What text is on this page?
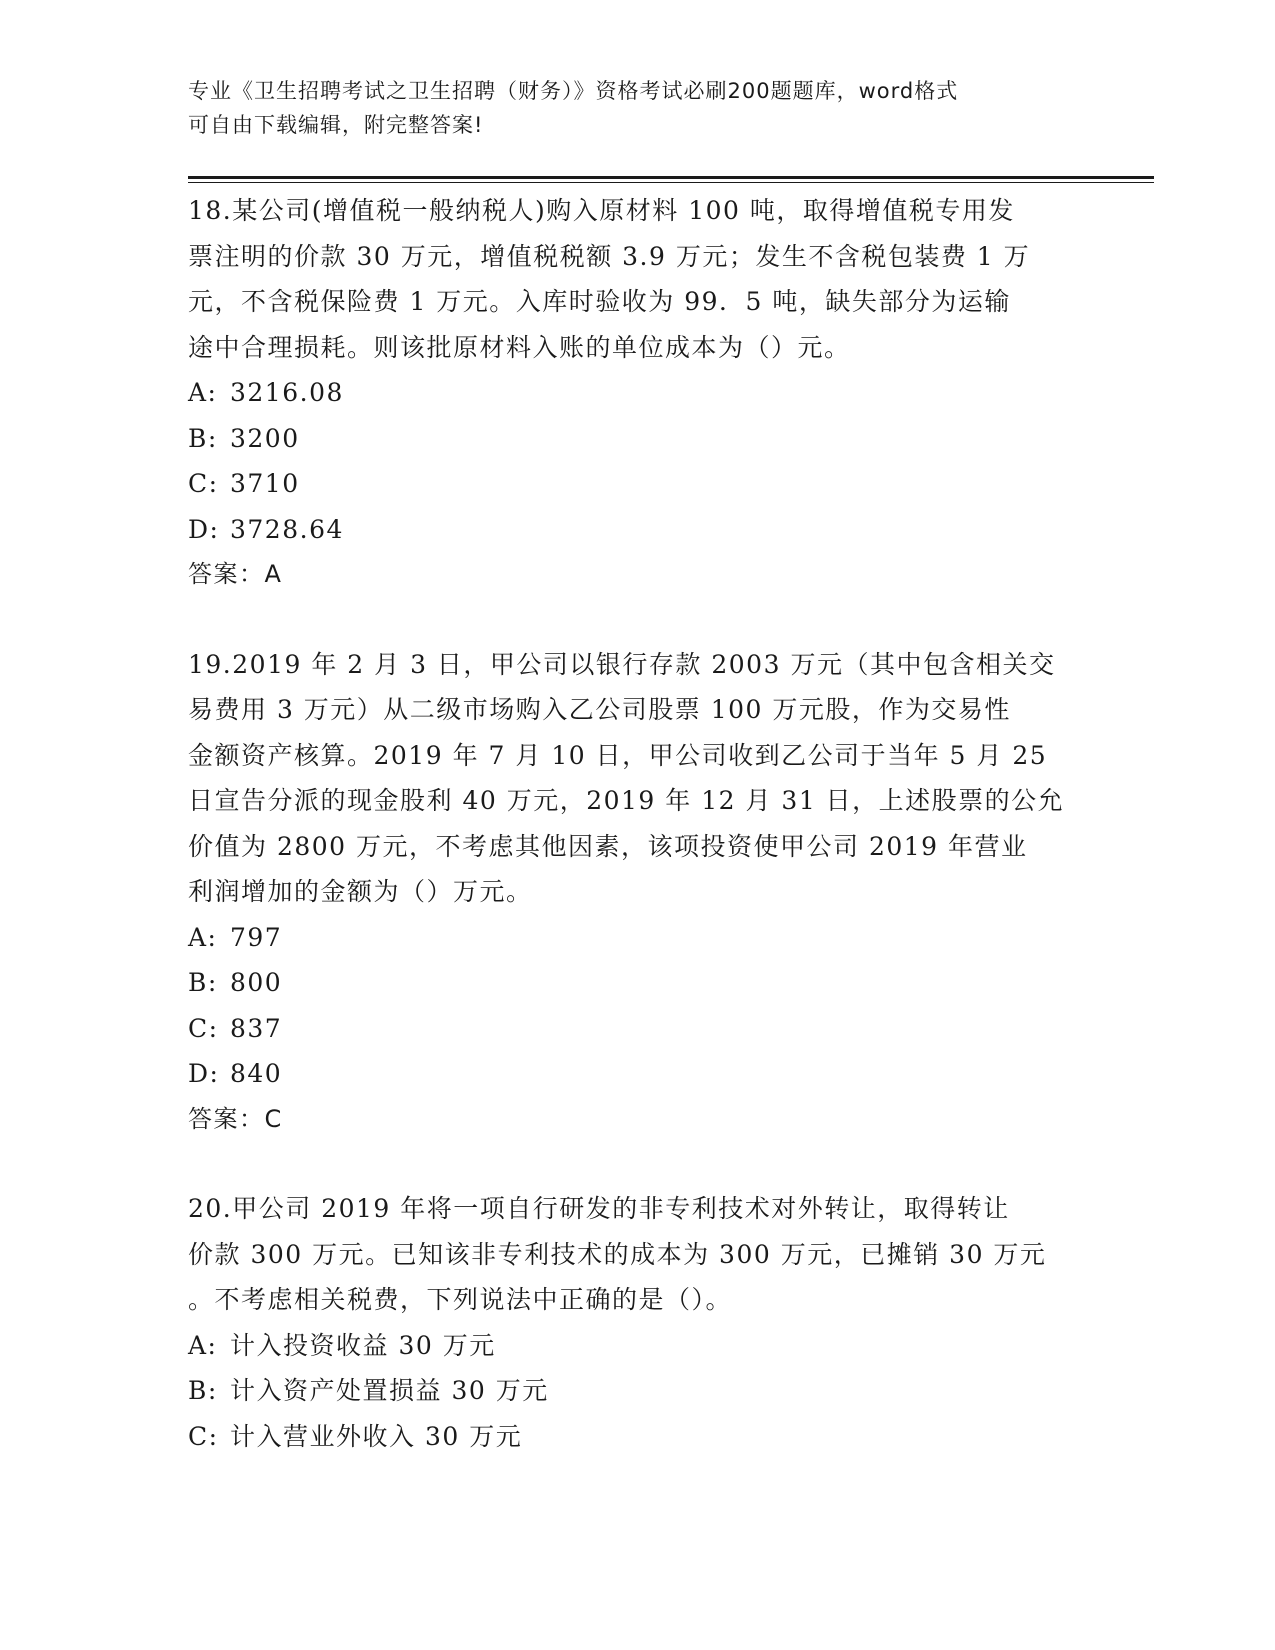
专业《卫生招聘考试之卫生招聘（财务）》资格考试必刷200题题库，word格式
可自由下载编辑，附完整答案!
18.某公司(增值税一般纳税人)购入原材料 100 吨，取得增值税专用发
票注明的价款 30 万元，增值税税额 3.9 万元；发生不含税包装费 1 万
元，不含税保险费 1 万元。入库时验收为 99．5 吨，缺失部分为运输
途中合理损耗。则该批原材料入账的单位成本为（）元。
A: 3216.08
B: 3200
C: 3710
D: 3728.64
答案：A
19.2019 年 2 月 3 日，甲公司以银行存款 2003 万元（其中包含相关交
易费用 3 万元）从二级市场购入乙公司股票 100 万元股，作为交易性
金额资产核算。2019 年 7 月 10 日，甲公司收到乙公司于当年 5 月 25
日宣告分派的现金股利 40 万元，2019 年 12 月 31 日，上述股票的公允
价值为 2800 万元，不考虑其他因素，该项投资使甲公司 2019 年营业
利润增加的金额为（）万元。
A: 797
B: 800
C: 837
D: 840
答案：C
20.甲公司 2019 年将一项自行研发的非专利技术对外转让，取得转让
价款 300 万元。已知该非专利技术的成本为 300 万元，已摊销 30 万元
。不考虑相关税费，下列说法中正确的是（）。
A: 计入投资收益 30 万元
B: 计入资产处置损益 30 万元
C: 计入营业外收入 30 万元
